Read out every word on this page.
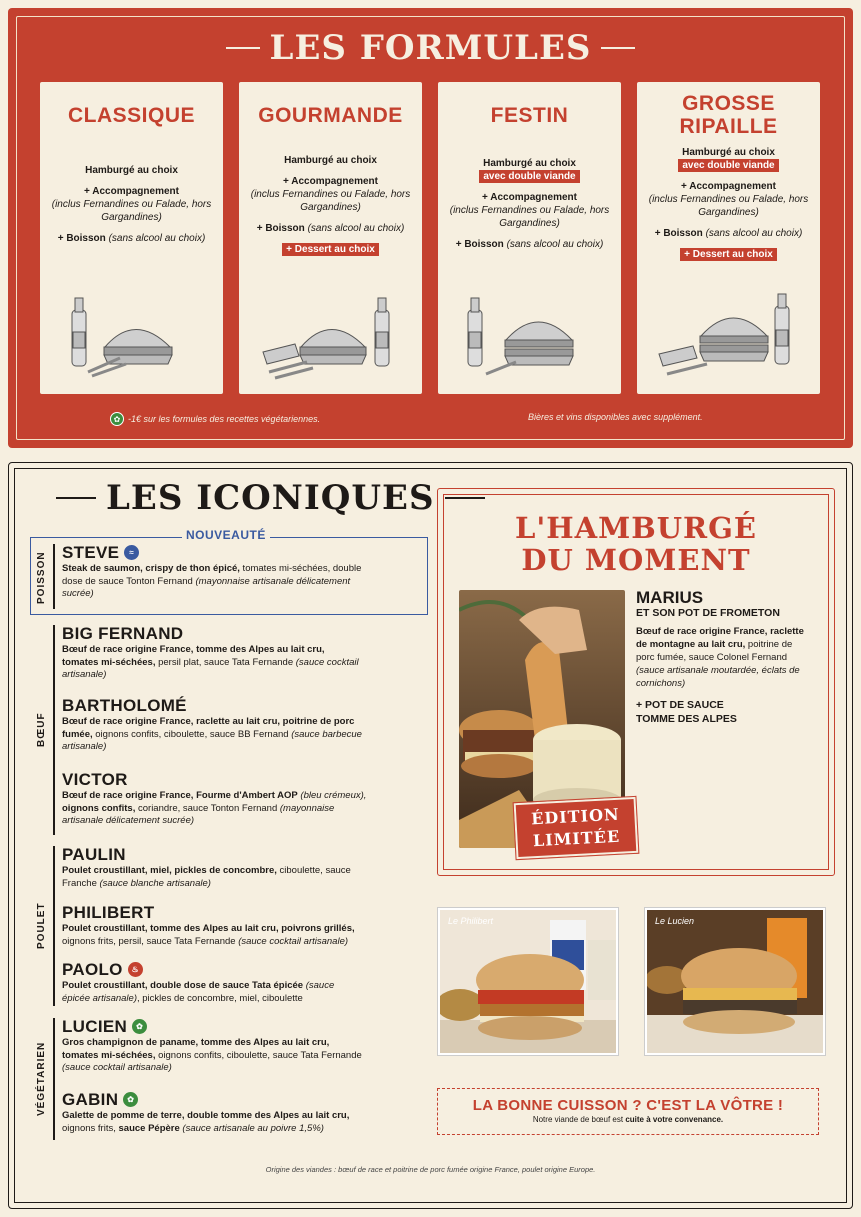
LES FORMULES
CLASSIQUE
Hamburgé au choix
+ Accompagnement
(inclus Fernandines ou Falade, hors Gargandines)
+ Boisson (sans alcool au choix)
GOURMANDE
Hamburgé au choix
+ Accompagnement
(inclus Fernandines ou Falade, hors Gargandines)
+ Boisson (sans alcool au choix)
+ Dessert au choix
FESTIN
Hamburgé au choix
avec double viande
+ Accompagnement
(inclus Fernandines ou Falade, hors Gargandines)
+ Boisson (sans alcool au choix)
GROSSE
RIPAILLE
Hamburgé au choix
avec double viande
+ Accompagnement
(inclus Fernandines ou Falade, hors Gargandines)
+ Boisson (sans alcool au choix)
+ Dessert au choix
✿ -1€ sur les formules des recettes végétariennes.	Bières et vins disponibles avec supplément.
LES ICONIQUES
NOUVEAUTÉ
POISSON
BŒUF
POULET
VÉGÉTARIEN
STEVE	≈
Steak de saumon, crispy de thon épicé, tomates mi-séchées, double dose de sauce Tonton Fernand (mayonnaise artisanale délicatement sucrée)
BIG FERNAND
Bœuf de race origine France, tomme des Alpes au lait cru, tomates mi-séchées, persil plat, sauce Tata Fernande (sauce cocktail artisanale)
BARTHOLOMÉ
Bœuf de race origine France, raclette au lait cru, poitrine de porc fumée, oignons confits, ciboulette, sauce BB Fernand (sauce barbecue artisanale)
VICTOR
Bœuf de race origine France, Fourme d'Ambert AOP (bleu crémeux), oignons confits, coriandre, sauce Tonton Fernand (mayonnaise artisanale délicatement sucrée)
PAULIN
Poulet croustillant, miel, pickles de concombre, ciboulette, sauce Franche (sauce blanche artisanale)
PHILIBERT
Poulet croustillant, tomme des Alpes au lait cru, poivrons grillés, oignons frits, persil, sauce Tata Fernande (sauce cocktail artisanale)
PAOLO	♨
Poulet croustillant, double dose de sauce Tata épicée (sauce épicée artisanale), pickles de concombre, miel, ciboulette
LUCIEN	✿
Gros champignon de paname, tomme des Alpes au lait cru, tomates mi-séchées, oignons confits, ciboulette, sauce Tata Fernande (sauce cocktail artisanale)
GABIN	✿
Galette de pomme de terre, double tomme des Alpes au lait cru, oignons frits, sauce Pépère (sauce artisanale au poivre 1,5%)
L'HAMBURGÉ
DU MOMENT
ÉDITION
LIMITÉE
MARIUS
ET SON POT DE FROMETON
Bœuf de race origine France, raclette de montagne au lait cru, poitrine de porc fumée, sauce Colonel Fernand (sauce artisanale moutardée, éclats de cornichons)
+ POT DE SAUCE
TOMME DES ALPES
Le Philibert	Le Lucien
LA BONNE CUISSON ? C'EST LA VÔTRE !
Notre viande de bœuf est cuite à votre convenance.
Origine des viandes : bœuf de race et poitrine de porc fumée origine France, poulet origine Europe.
